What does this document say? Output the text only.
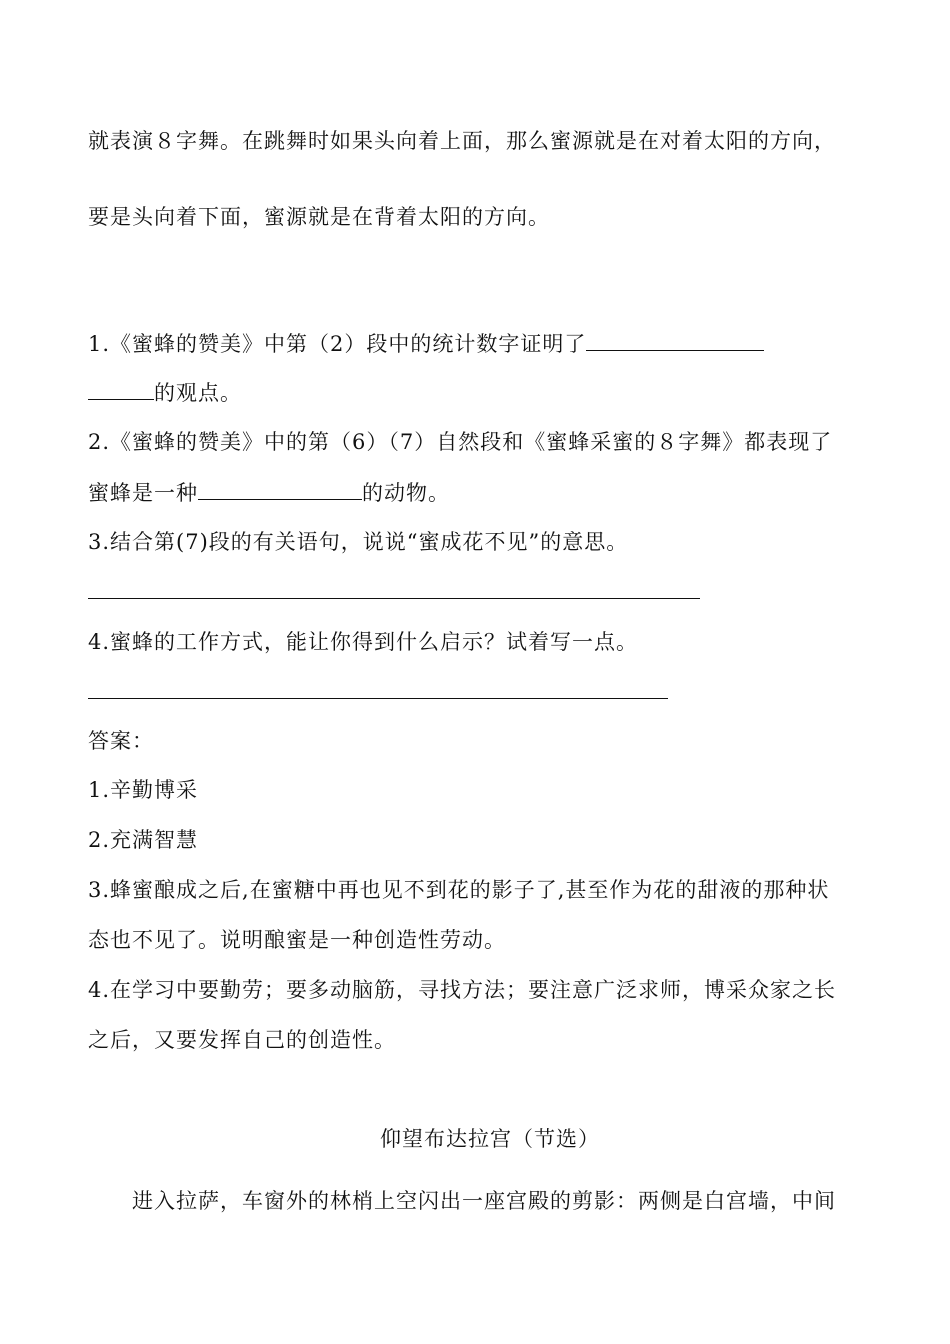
就表演８字舞。在跳舞时如果头向着上面，那么蜜源就是在对着太阳的方向，
要是头向着下面，蜜源就是在背着太阳的方向。
1.《蜜蜂的赞美》中第（2）段中的统计数字证明了
的观点。
2.《蜜蜂的赞美》中的第（6）（7）自然段和《蜜蜂采蜜的８字舞》都表现了
蜜蜂是一种	的动物。
3.结合第(7)段的有关语句，说说“蜜成花不见”的意思。
4.蜜蜂的工作方式，能让你得到什么启示？试着写一点。
答案：
1.辛勤博采
2.充满智慧
3.蜂蜜酿成之后,在蜜糖中再也见不到花的影子了,甚至作为花的甜液的那种状
态也不见了。说明酿蜜是一种创造性劳动。
4.在学习中要勤劳；要多动脑筋，寻找方法；要注意广泛求师，博采众家之长
之后，又要发挥自己的创造性。
仰望布达拉宫（节选）
进入拉萨，车窗外的林梢上空闪出一座宫殿的剪影：两侧是白宫墙，中间
